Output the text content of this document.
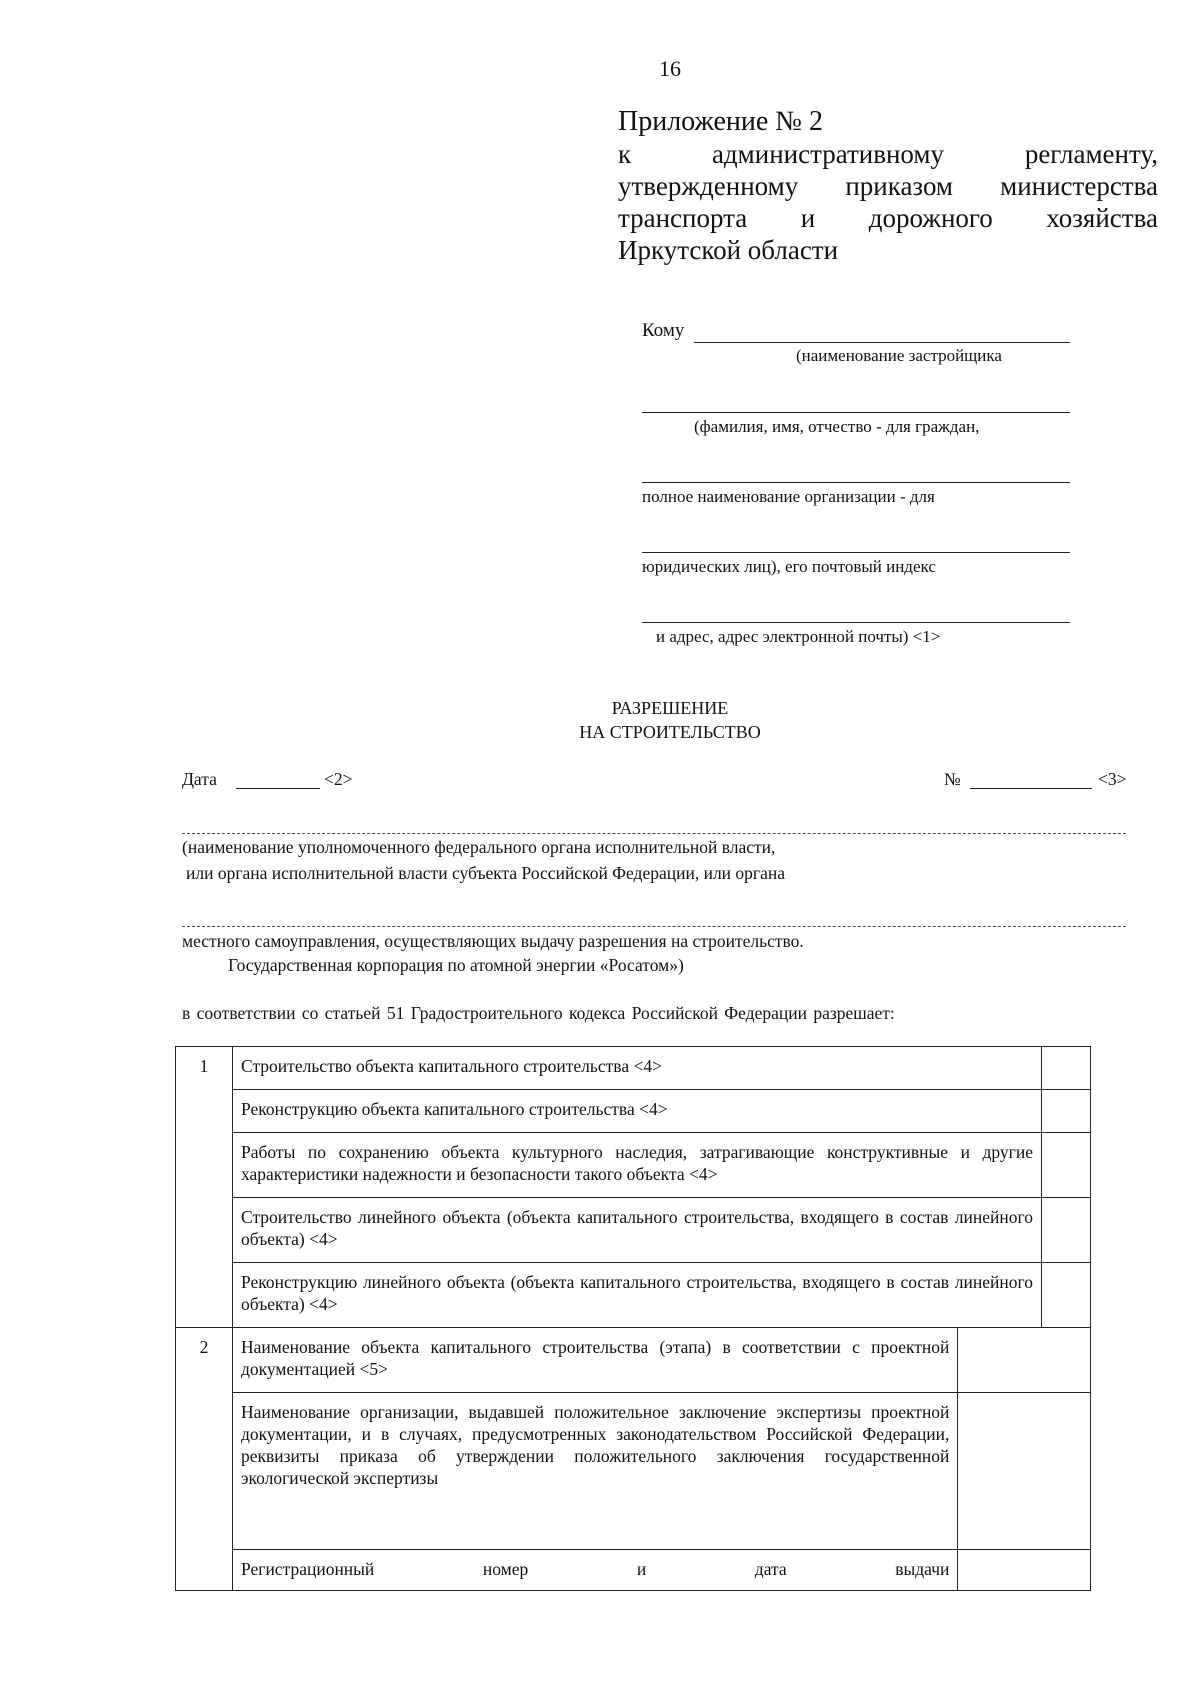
16
Приложение № 2
к	административному	регламенту,
утвержденному приказом министерства
транспорта и дорожного хозяйства
Иркутской области
Кому
(наименование застройщика
(фамилия, имя, отчество - для граждан,
полное наименование организации - для
юридических лиц), его почтовый индекс
и адрес, адрес электронной почты) <1>
РАЗРЕШЕНИЕ
НА СТРОИТЕЛЬСТВО
Дата	<2>	№	<3>
(наименование уполномоченного федерального органа исполнительной власти,
или органа исполнительной власти субъекта Российской Федерации, или органа
местного самоуправления, осуществляющих выдачу разрешения на строительство.
Государственная корпорация по атомной энергии «Росатом»)
в соответствии со статьей 51 Градостроительного кодекса Российской Федерации разрешает:
1	Строительство объекта капитального строительства <4>		
	Реконструкцию объекта капитального строительства <4>		
	Работы по сохранению объекта культурного наследия, затрагивающие конструктивные и другие характеристики надежности и безопасности такого объекта <4>		
	Строительство линейного объекта (объекта капитального строительства, входящего в состав линейного объекта) <4>		
	Реконструкцию линейного объекта (объекта капитального строительства, входящего в состав линейного объекта) <4>		
2	Наименование объекта капитального строительства (этапа) в соответствии с проектной документацией <5>		
	Наименование организации, выдавшей положительное заключение экспертизы проектной документации, и в случаях, предусмотренных законодательством Российской Федерации, реквизиты приказа об утверждении положительного заключения государственной экологической экспертизы		
	Регистрационный номер и дата выдачи		
